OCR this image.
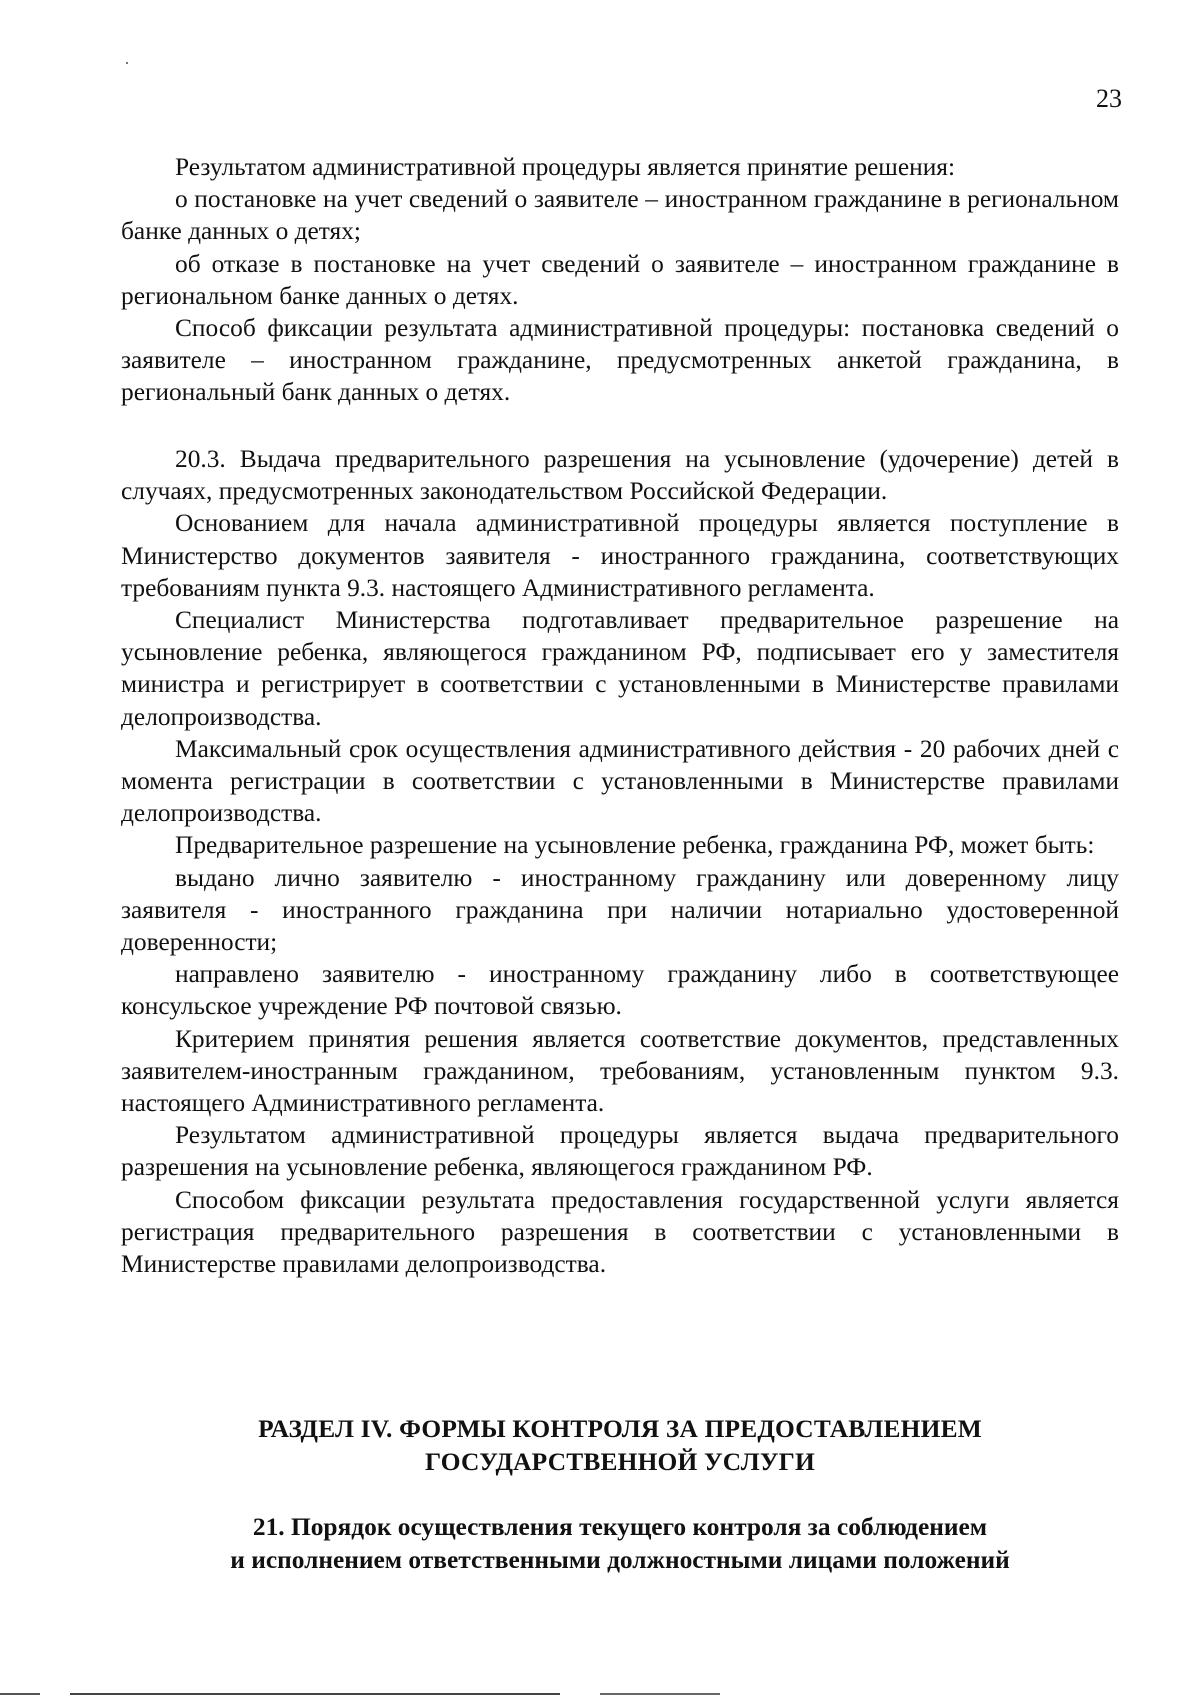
23

Результатом административной процедуры является принятие решения:

о постановке на учет сведений о заявителе – иностранном гражданине в региональном банке данных о детях;

об отказе в постановке на учет сведений о заявителе – иностранном гражданине в региональном банке данных о детях.

Способ фиксации результата административной процедуры: постановка сведений о заявителе – иностранном гражданине, предусмотренных анкетой гражданина, в региональный банк данных о детях.

20.3. Выдача предварительного разрешения на усыновление (удочерение) детей в случаях, предусмотренных законодательством Российской Федерации.

Основанием для начала административной процедуры является поступление в Министерство документов заявителя - иностранного гражданина, соответствующих требованиям пункта 9.3. настоящего Административного регламента.

Специалист Министерства подготавливает предварительное разрешение на усыновление ребенка, являющегося гражданином РФ, подписывает его у заместителя министра и регистрирует в соответствии с установленными в Министерстве правилами делопроизводства.

Максимальный срок осуществления административного действия - 20 рабочих дней с момента регистрации в соответствии с установленными в Министерстве правилами делопроизводства.

Предварительное разрешение на усыновление ребенка, гражданина РФ, может быть:

выдано лично заявителю - иностранному гражданину или доверенному лицу заявителя - иностранного гражданина при наличии нотариально удостоверенной доверенности;

направлено заявителю - иностранному гражданину либо в соответствующее консульское учреждение РФ почтовой связью.

Критерием принятия решения является соответствие документов, представленных заявителем-иностранным гражданином, требованиям, установленным пунктом 9.3. настоящего Административного регламента.

Результатом административной процедуры является выдача предварительного разрешения на усыновление ребенка, являющегося гражданином РФ.

Способом фиксации результата предоставления государственной услуги является регистрация предварительного разрешения в соответствии с установленными в Министерстве правилами делопроизводства.

РАЗДЕЛ IV. ФОРМЫ КОНТРОЛЯ ЗА ПРЕДОСТАВЛЕНИЕМ
ГОСУДАРСТВЕННОЙ УСЛУГИ
21. Порядок осуществления текущего контроля за соблюдением
и исполнением ответственными должностными лицами положений
